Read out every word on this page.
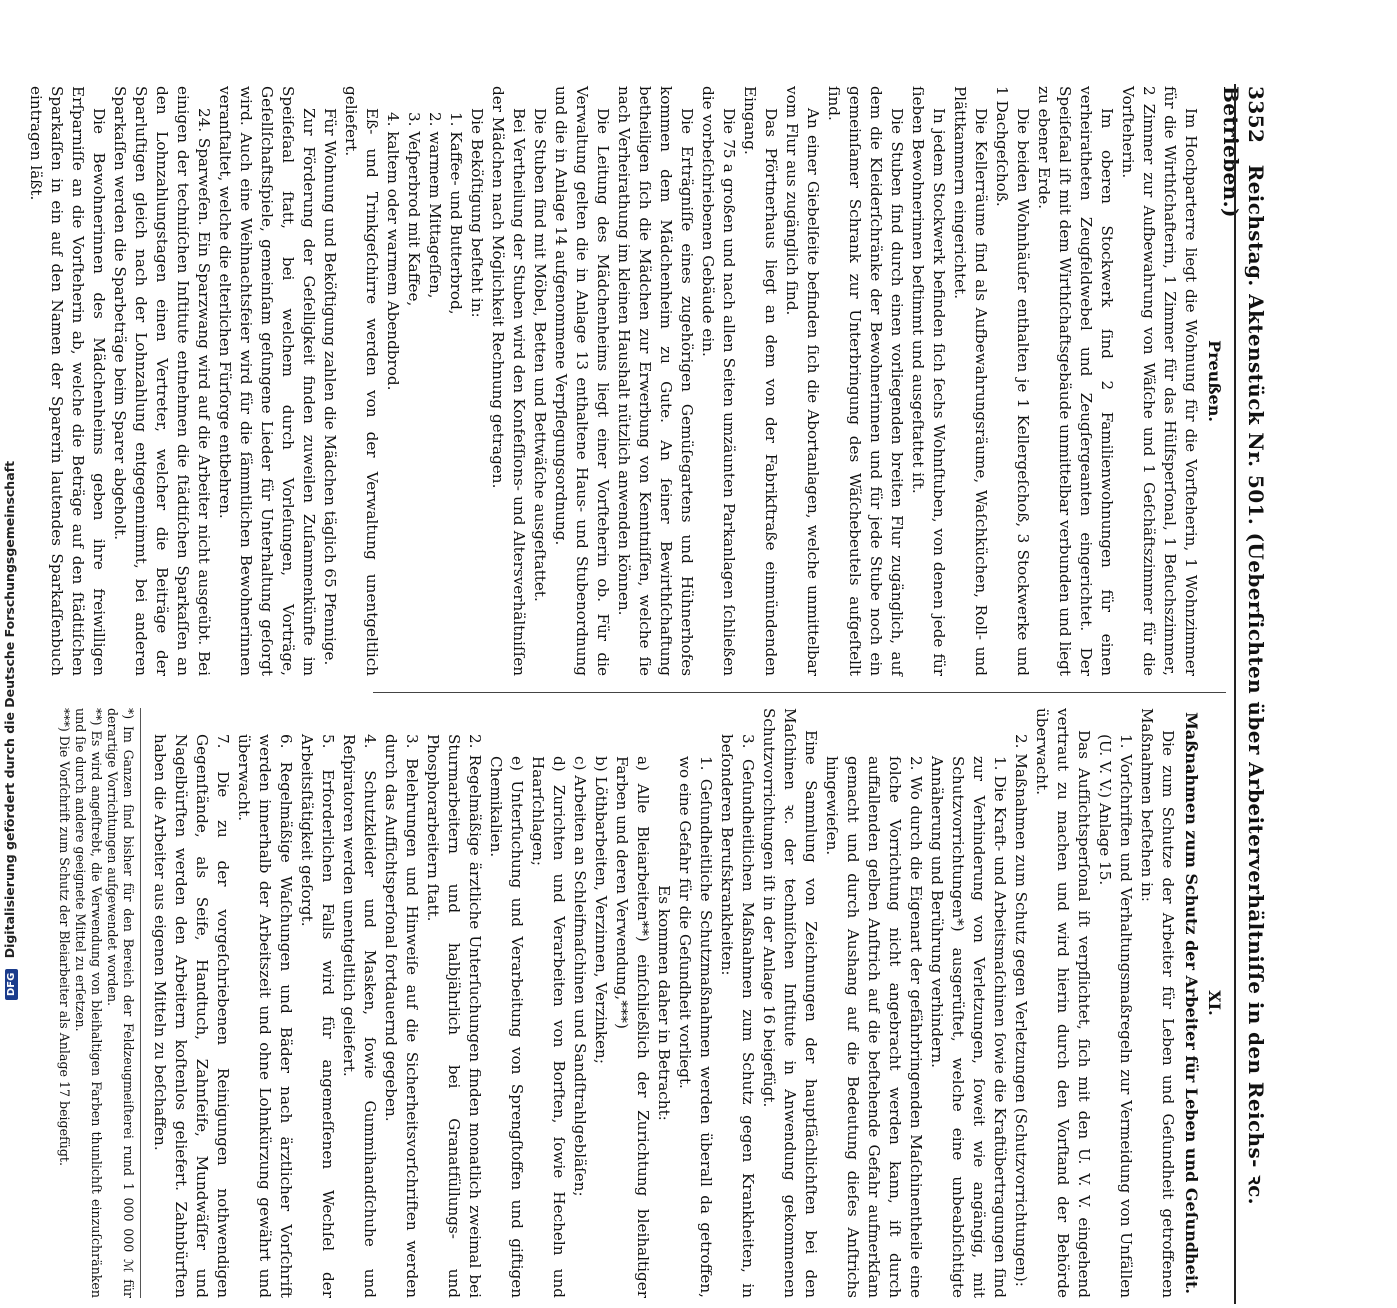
3352 Reichstag. Aktenstück Nr. 501. (Ueberſichten über Arbeiterverhältniſſe in den Reichs- ꝛc. Betrieben.)
Preußen.

Im Hochparterre liegt die Wohnung für die Vorſteherin, 1 Wohnzimmer für die Wirthſchafterin, 1 Zimmer für das Hülfsperſonal, 1 Beſuchszimmer, 2 Zimmer zur Aufbewahrung von Wäſche und 1 Geſchäftszimmer für die Vorſteherin.

Im oberen Stockwerk ſind 2 Familienwohnungen für einen verheiratheten Zeugfeldwebel und Zeugſergeanten eingerichtet. Der Speiſeſaal iſt mit dem Wirthſchaftsgebäude unmittelbar verbunden und liegt zu ebener Erde.

Die beiden Wohnhäuſer enthalten je 1 Kellergeſchoß, 3 Stockwerke und 1 Dachgeſchoß.

Die Kellerräume ſind als Aufbewahrungsräume, Waſchküchen, Roll- und Plättkammern eingerichtet.

In jedem Stockwerk befinden ſich ſechs Wohnſtuben, von denen jede für ſieben Bewohnerinnen beſtimmt und ausgeſtattet iſt.

Die Stuben ſind durch einen vorliegenden breiten Flur zugänglich, auf dem die Kleiderſchränke der Bewohnerinnen und für jede Stube noch ein gemeinſamer Schrank zur Unterbringung des Wäſchebeutels aufgeſtellt ſind.

An einer Giebelſeite befinden ſich die Abortanlagen, welche unmittelbar vom Flur aus zugänglich ſind.

Das Pförtnerhaus liegt an dem von der Fabrikſtraße einmündenden Eingang.

Die 75 a großen und nach allen Seiten umzäunten Parkanlagen ſchließen die vorbeſchriebenen Gebäude ein.

Die Erträgniſſe eines zugehörigen Gemüſegartens und Hühnerhofes kommen dem Mädchenheim zu Gute. An ſeiner Bewirthſchaftung betheiligen ſich die Mädchen zur Erwerbung von Kenntniſſen, welche ſie nach Verheirathung im kleinen Haushalt nützlich anwenden können.

Die Leitung des Mädchenheims liegt einer Vorſteherin ob. Für die Verwaltung gelten die in Anlage 13 enthaltene Haus- und Stubenordnung und die in Anlage 14 aufgenommene Verpflegungsordnung.

Die Stuben ſind mit Möbel, Betten und Bettwäſche ausgeſtattet.

Bei Vertheilung der Stuben wird den Konfeſſions- und Altersverhältniſſen der Mädchen nach Möglichkeit Rechnung getragen.

Die Beköſtigung beſteht in:

1. Kaffee- und Butterbrod,
2. warmem Mittageſſen,
3. Veſperbrod mit Kaffee,
4. kaltem oder warmem Abendbrod.

Eß- und Trinkgeſchirre werden von der Verwaltung unentgeltlich geliefert.

Für Wohnung und Beköſtigung zahlen die Mädchen täglich 65 Pfennige.

Zur Förderung der Geſelligkeit finden zuweilen Zuſammenkünfte im Speiſeſaal ſtatt, bei welchem durch Vorleſungen, Vorträge, Geſellſchaftsſpiele, gemeinſam geſungene Lieder für Unterhaltung geſorgt wird. Auch eine Weihnachtsfeier wird für die ſämmtlichen Bewohnerinnen veranſtaltet, welche die elterlichen Fürſorge entbehren.

24. Sparweſen. Ein Sparzwang wird auf die Arbeiter nicht ausgeübt. Bei einigen der techniſchen Inſtitute entnehmen die ſtädtiſchen Sparkaſſen an den Lohnzahlungstagen einen Vertreter, welcher die Beiträge der Sparluſtigen gleich nach der Lohnzahlung entgegennimmt, bei anderen Sparkaſſen werden die Sparbeträge beim Sparer abgeholt.

Die Bewohnerinnen des Mädchenheims geben ihre freiwilligen Erſparniſſe an die Vorſteherin ab, welche die Beträge auf den ſtädtiſchen Sparkaſſen in ein auf den Namen der Sparerin lautendes Sparkaſſenbuch eintragen läßt.

XI.
Maßnahmen zum Schutz der Arbeiter für Leben und Geſundheit.

Die zum Schutze der Arbeiter für Leben und Geſundheit getroffenen Maßnahmen beſtehen in:

1. Vorſchriften und Verhaltungsmaßregeln zur Vermeidung von Unfällen (U. V. V.) Anlage 15.

Das Aufſichtsperſonal iſt verpflichtet, ſich mit den U. V. V. eingehend vertraut zu machen und wird hierin durch den Vorſtand der Behörde überwacht.

2. Maßnahmen zum Schutz gegen Verletzungen (Schutzvorrichtungen):

1. Die Kraft- und Arbeitsmaſchinen ſowie die Kraftübertragungen ſind zur Verhinderung von Verletzungen, ſoweit wie angängig, mit Schutzvorrichtungen*) ausgerüſtet, welche eine unbeabſichtigte Annäherung und Berührung verhindern.

2. Wo durch die Eigenart der gefährbringenden Maſchinentheile eine ſolche Vorrichtung nicht angebracht werden kann, iſt durch auffallenden gelben Anſtrich auf die beſtehende Gefahr aufmerkſam gemacht und durch Aushang auf die Bedeutung dieſes Anſtrichs hingewieſen.

Eine Sammlung von Zeichnungen der hauptſächlichſten bei den Maſchinen ꝛc. der techniſchen Inſtitute in Anwendung gekommenen Schutzvorrichtungen iſt in der Anlage 16 beigefügt.

3. Geſundheitlichen Maßnahmen zum Schutz gegen Krankheiten, in beſonderen Berufskrankheiten:

1. Geſundheitliche Schutzmaßnahmen werden überall da getroffen, wo eine Gefahr für die Geſundheit vorliegt.

Es kommen daher in Betracht:

a) Alle Bleiarbeiten**) einſchließlich der Zurichtung bleihaltiger Farben und deren Verwendung,***)

b) Löthbarbeiten, Verzinnen, Verzinken;

c) Arbeiten an Schleifmaſchinen und Sandſtrahlgebläſen;

d) Zurichten und Verarbeiten von Borſten, ſowie Hecheln und Haarſchlagen;

e) Unterſuchung und Verarbeitung von Sprengſtoffen und giftigen Chemikalien.

2. Regelmäßige ärztliche Unterſuchungen finden monatlich zweimal bei Sturmarbeitern und halbjährlich bei Granatfüllungs- und Phosphorarbeitern ſtatt.

3. Belehrungen und Hinweiſe auf die Sicherheitsvorſchriften werden durch das Aufſichtsperſonal fortdauernd gegeben.

4. Schutzkleider und Masken, ſowie Gummihandſchuhe und Reſpiratoren werden unentgeltlich geliefert.

5. Erforderlichen Falls wird für angemeſſenen Wechſel der Arbeitsſtätigkeit geſorgt.

6. Regelmäßige Waſchungen und Bäder nach ärztlicher Vorſchrift werden innerhalb der Arbeitszeit und ohne Lohnkürzung gewährt und überwacht.

7. Die zu der vorgeſchriebenen Reinigungen nothwendigen Gegenſtände, als Seife, Handtuch, Zahnſeife, Mundwäſſer und Nagelbürſten werden den Arbeitern koſtenlos geliefert. Zahnbürſten haben die Arbeiter aus eigenen Mitteln zu beſchaffen.

*) Im Ganzen ſind bisher für den Bereich der Feldzeugmeiſterei rund 1 000 000 ℳ für derartige Vorrichtungen aufgewendet worden.

**) Es wird angeſtrebt, die Verwendung von bleihaltigen Farben thunlichſt einzuſchränken und ſie durch andere geeignete Mittel zu erſetzen.

***) Die Vorſchrift zum Schutz der Bleiarbeiter als Anlage 17 beigefügt.

DFG Digitalisierung gefördert durch die Deutsche Forschungsgemeinschaft
